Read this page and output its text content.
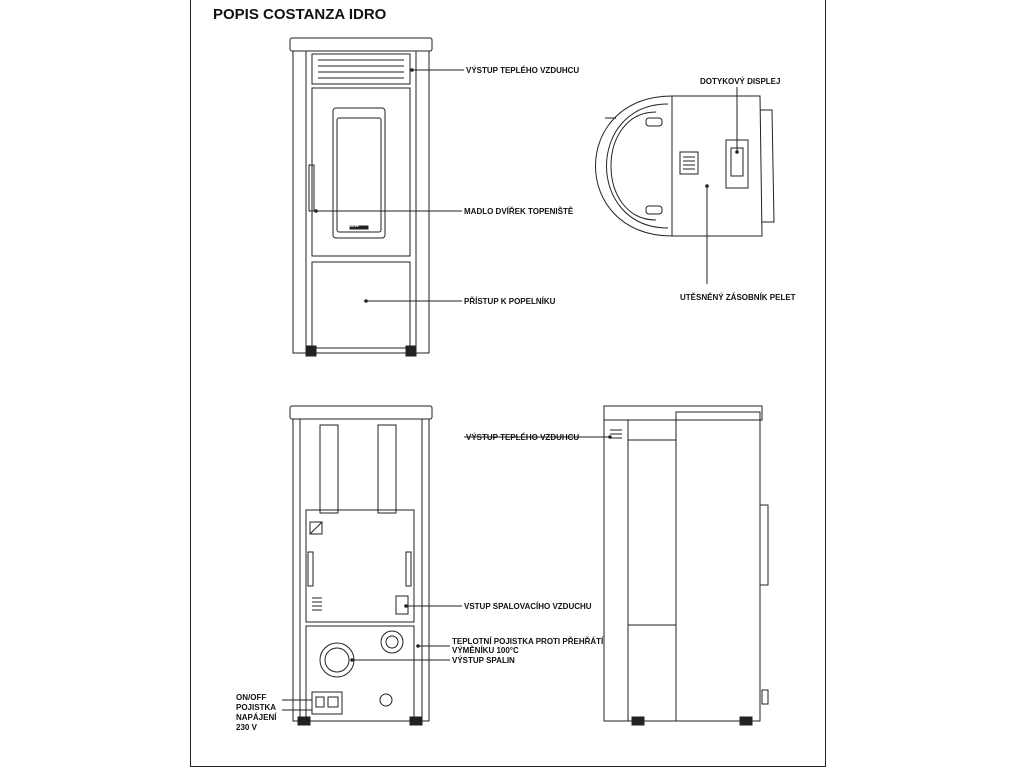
POPIS COSTANZA IDRO
VÝSTUP TEPLÉHO VZDUHCU
MADLO DVÍŘEK TOPENIŠTĚ
PŘÍSTUP K POPELNÍKU
DOTYKOVÝ DISPLEJ
UTĚSNĚNÝ ZÁSOBNÍK PELET
VÝSTUP TEPLÉHO VZDUHCU
VSTUP SPALOVACÍHO VZDUCHU
TEPLOTNÍ POJISTKA PROTI PŘEHŘÁTÍ
VÝMĚNÍKU 100°C
VÝSTUP SPALIN
ON/OFF
POJISTKA
NAPÁJENÍ
230 V
Stove
